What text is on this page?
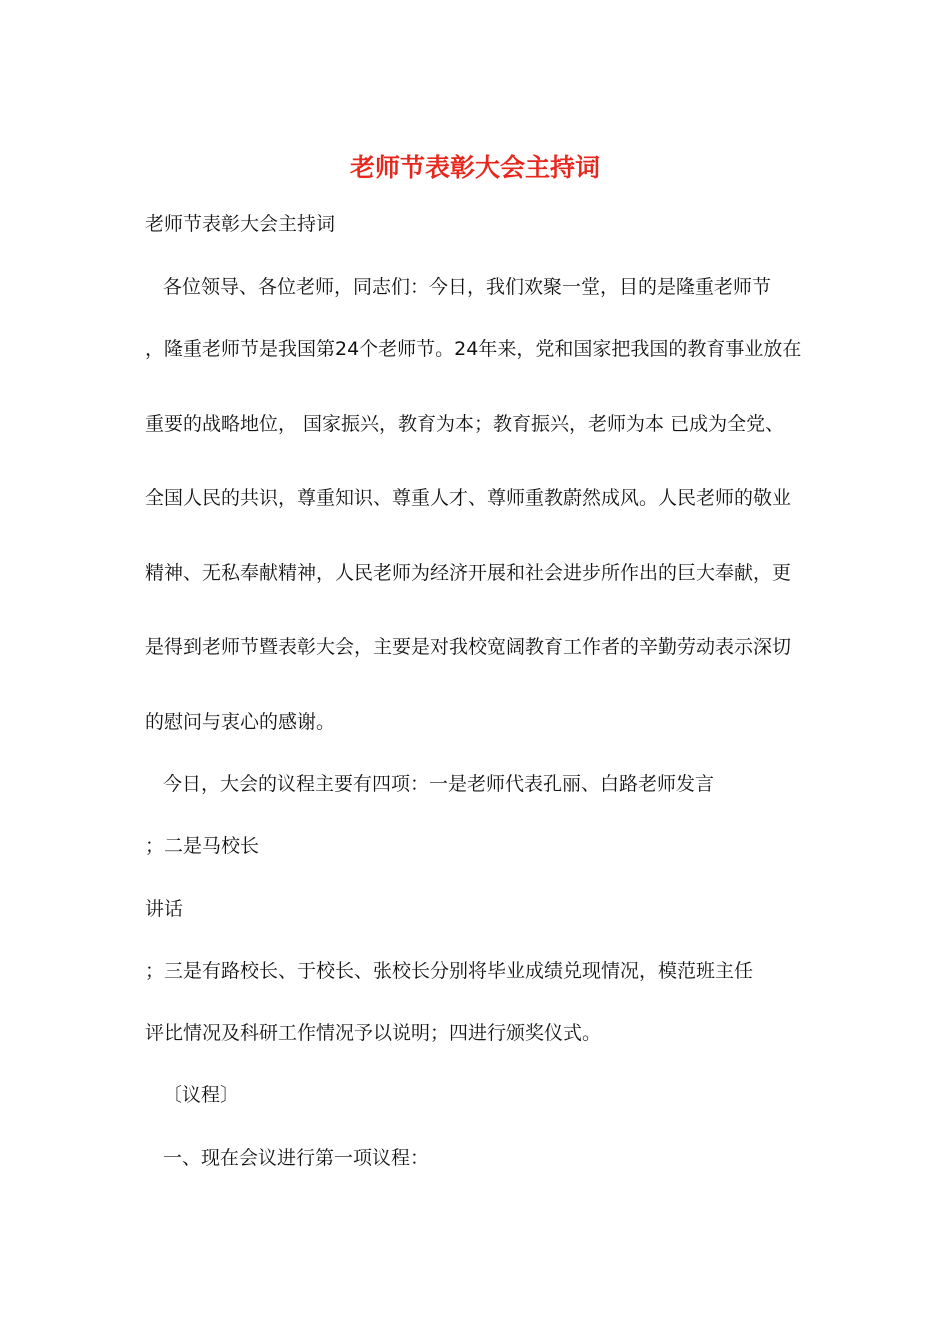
老师节表彰大会主持词
老师节表彰大会主持词
各位领导、各位老师，同志们：今日，我们欢聚一堂，目的是隆重老师节
，隆重老师节是我国第24个老师节。24年来，党和国家把我国的教育事业放在
重要的战略地位， 国家振兴，教育为本；教育振兴，老师为本 已成为全党、
全国人民的共识，尊重知识、尊重人才、尊师重教蔚然成风。人民老师的敬业
精神、无私奉献精神，人民老师为经济开展和社会进步所作出的巨大奉献，更
是得到老师节暨表彰大会，主要是对我校宽阔教育工作者的辛勤劳动表示深切
的慰问与衷心的感谢。
今日，大会的议程主要有四项：一是老师代表孔丽、白路老师发言
；二是马校长
讲话
；三是有路校长、于校长、张校长分别将毕业成绩兑现情况，模范班主任
评比情况及科研工作情况予以说明；四进行颁奖仪式。
〔议程〕
一、现在会议进行第一项议程：
